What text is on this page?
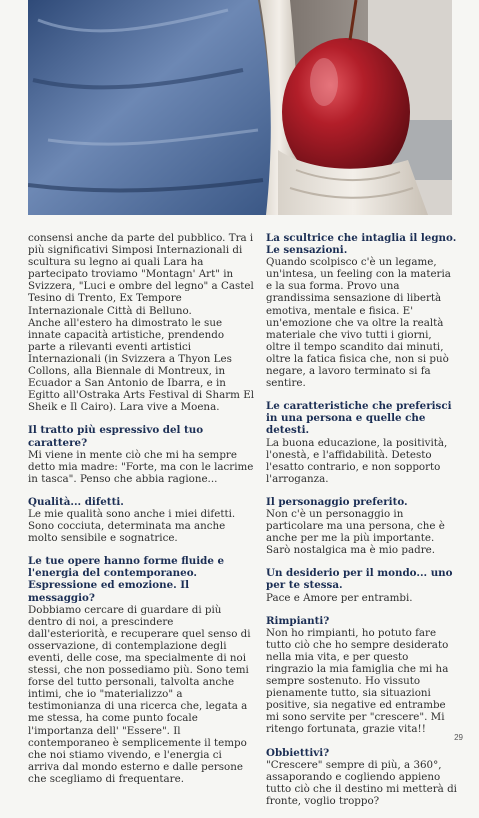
consensi anche da parte del pubblico. Tra i più significativi Simposi Internazionali di scultura su legno ai quali Lara ha partecipato troviamo "Montagn' Art" in Svizzera, "Luci e ombre del legno" a Castel Tesino di Trento, Ex Tempore Internazionale Città di Belluno.

Anche all'estero ha dimostrato le sue innate capacità artistiche, prendendo parte a rilevanti eventi artistici Internazionali (in Svizzera a Thyon Les Collons, alla Biennale di Montreux, in Ecuador a San Antonio de Ibarra, e in Egitto all'Ostraka Arts Festival di Sharm El Sheik e Il Cairo). Lara vive a Moena.

Il tratto più espressivo del tuo carattere?

Mi viene in mente ciò che mi ha sempre detto mia madre: "Forte, ma con le lacrime in tasca". Penso che abbia ragione...

Qualità... difetti.

Le mie qualità sono anche i miei difetti. Sono cocciuta, determinata ma anche molto sensibile e sognatrice.

Le tue opere hanno forme fluide e l'energia del contemporaneo. Espressione ed emozione. Il messaggio?

Dobbiamo cercare di guardare di più dentro di noi, a prescindere dall'esteriorità, e recuperare quel senso di osservazione, di contemplazione degli eventi, delle cose, ma specialmente di noi stessi, che non possediamo più. Sono temi forse del tutto personali, talvolta anche intimi, che io "materializzo" a testimonianza di una ricerca che, legata a me stessa, ha come punto focale l'importanza dell' "Essere". Il contemporaneo è semplicemente il tempo che noi stiamo vivendo, e l'energia ci arriva dal mondo esterno e dalle persone che scegliamo di frequentare.

La scultrice che intaglia il legno. Le sensazioni.

Quando scolpisco c'è un legame, un'intesa, un feeling con la materia e la sua forma. Provo una grandissima sensazione di libertà emotiva, mentale e fisica. E' un'emozione che va oltre la realtà materiale che vivo tutti i giorni, oltre il tempo scandito dai minuti, oltre la fatica fisica che, non si può negare, a lavoro terminato si fa sentire.

Le caratteristiche che preferisci in una persona e quelle che detesti.

La buona educazione, la positività, l'onestà, e l'affidabilità. Detesto l'esatto contrario, e non sopporto l'arroganza.

Il personaggio preferito.

Non c'è un personaggio in particolare ma una persona, che è anche per me la più importante. Sarò nostalgica ma è mio padre.

Un desiderio per il mondo... uno per te stessa.

Pace e Amore per entrambi.

Rimpianti?

Non ho rimpianti, ho potuto fare tutto ciò che ho sempre desiderato nella mia vita, e per questo ringrazio la mia famiglia che mi ha sempre sostenuto. Ho vissuto pienamente tutto, sia situazioni positive, sia negative ed entrambe mi sono servite per "crescere". Mi ritengo fortunata, grazie vita!!

Obbiettivi?

"Crescere" sempre di più, a 360°, assaporando e cogliendo appieno tutto ciò che il destino mi metterà di fronte, voglio troppo?

29
